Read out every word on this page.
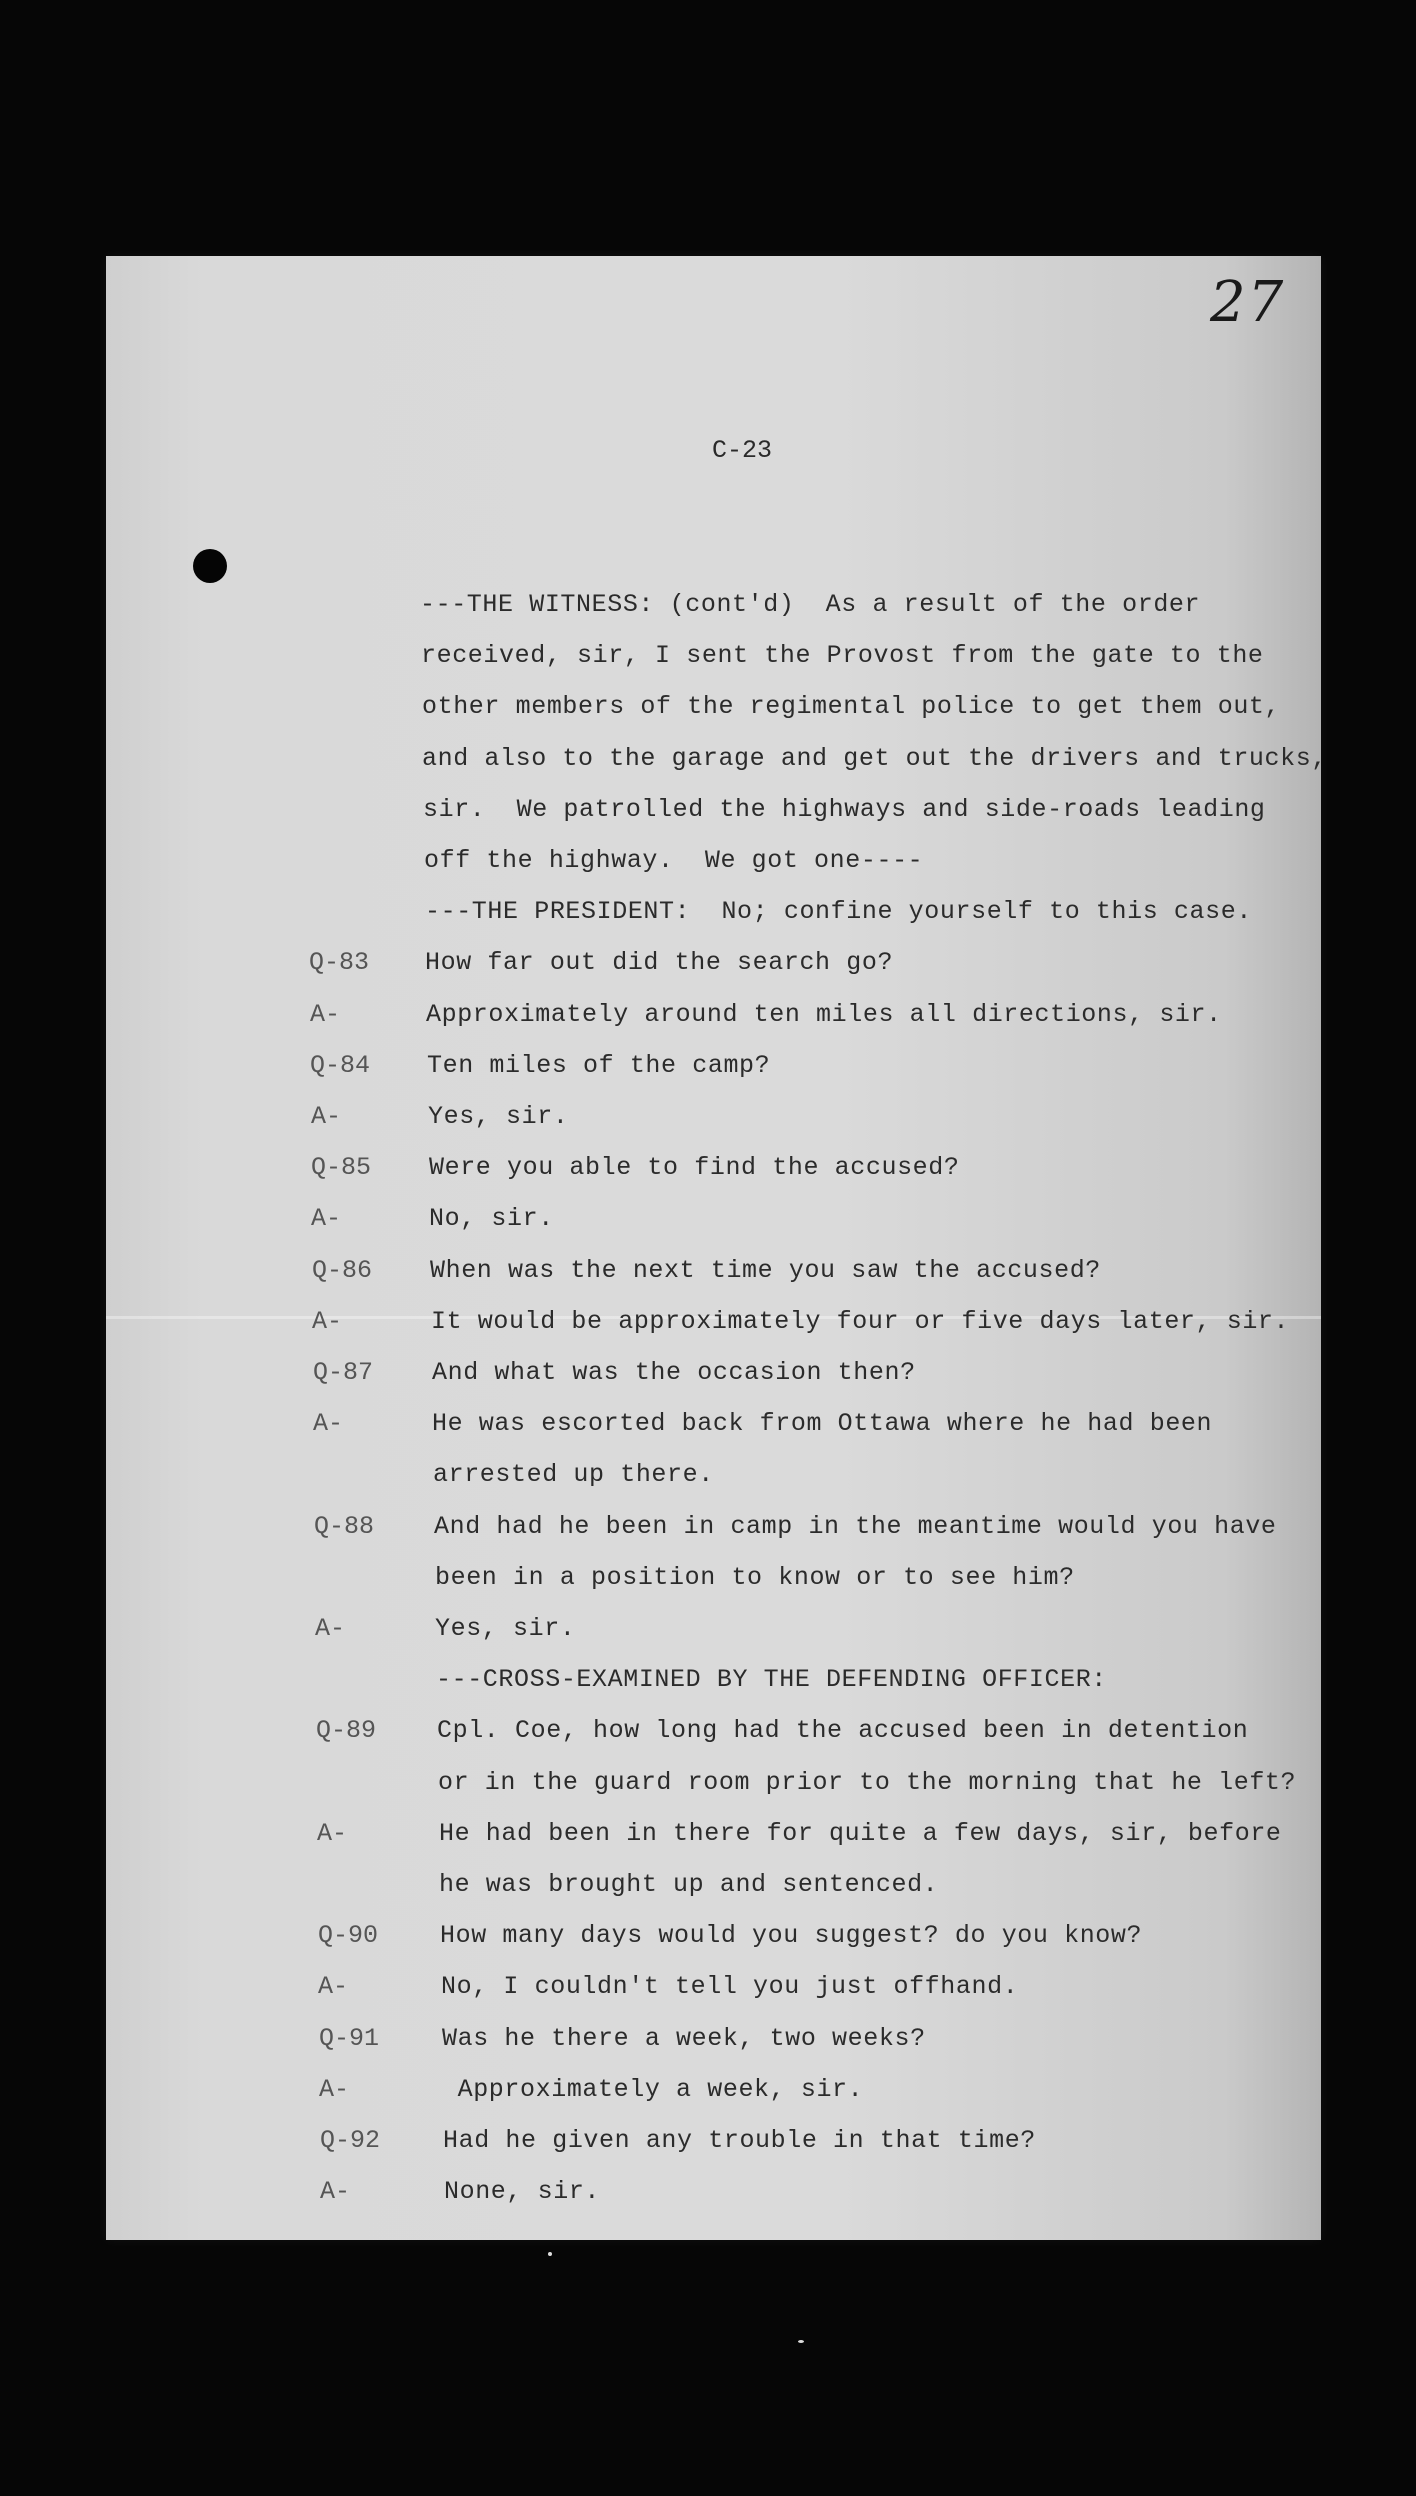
27
C-23
---THE WITNESS: (cont'd)  As a result of the order
received, sir, I sent the Provost from the gate to the
other members of the regimental police to get them out,
and also to the garage and get out the drivers and trucks,
sir.  We patrolled the highways and side-roads leading
off the highway.  We got one----
---THE PRESIDENT:  No; confine yourself to this case.
Q-83 How far out did the search go?
A-	Approximately around ten miles all directions, sir.
Q-84 Ten miles of the camp?
A-	Yes, sir.
Q-85 Were you able to find the accused?
A-	No, sir.
Q-86 When was the next time you saw the accused?
A-	It would be approximately four or five days later, sir.
Q-87 And what was the occasion then?
A-	He was escorted back from Ottawa where he had been
arrested up there.
Q-88 And had he been in camp in the meantime would you have
been in a position to know or to see him?
A-	Yes, sir.
---CROSS-EXAMINED BY THE DEFENDING OFFICER:
Q-89 Cpl. Coe, how long had the accused been in detention
or in the guard room prior to the morning that he left?
A-	He had been in there for quite a few days, sir, before
he was brought up and sentenced.
Q-90 How many days would you suggest? do you know?
A-	No, I couldn't tell you just offhand.
Q-91	Was he there a week, two weeks?
A-	Approximately a week, sir.
Q-92	Had he given any trouble in that time?
A-	None, sir.
